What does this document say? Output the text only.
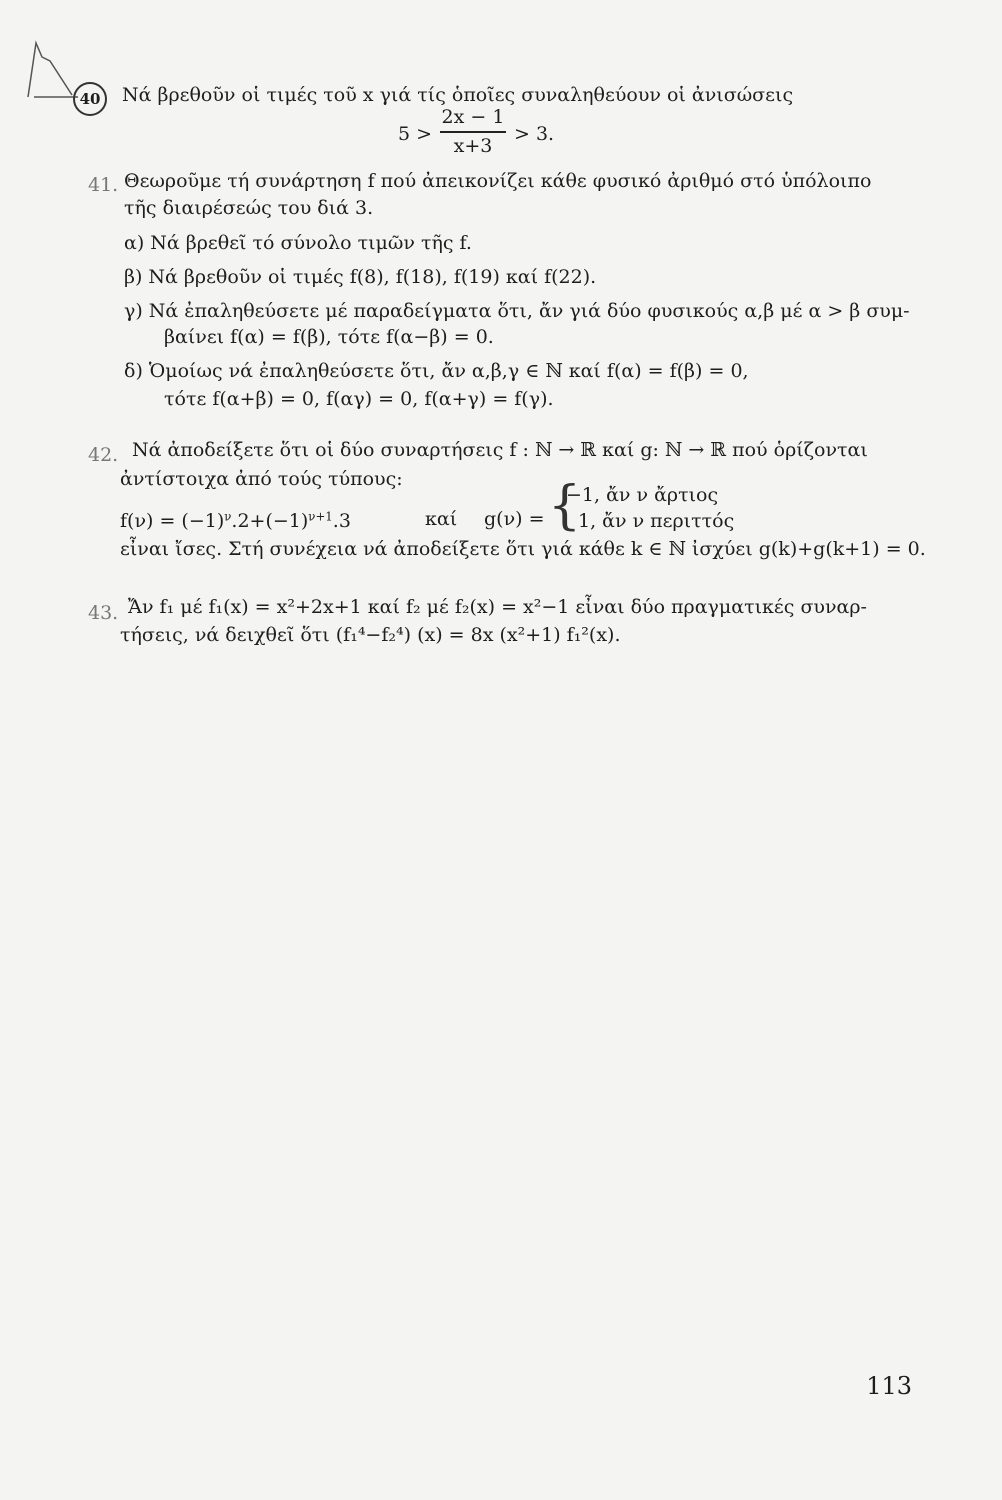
40	Νά βρεθοῦν οἱ τιμές τοῦ x γιά τίς ὁποῖες συναληθεύουν οἱ ἀνισώσεις
5 >
2x − 1
x+3
> 3.
41. Θεωροῦμε τή συνάρτηση f πού ἀπεικονίζει κάθε φυσικό ἀριθμό στό ὑπόλοιπο
τῆς διαιρέσεώς του διά 3.
α) Νά βρεθεῖ τό σύνολο τιμῶν τῆς f.
β) Νά βρεθοῦν οἱ τιμές f(8), f(18), f(19) καί f(22).
γ) Νά ἐπαληθεύσετε μέ παραδείγματα ὅτι, ἄν γιά δύο φυσικούς α,β μέ α > β συμ-
βαίνει f(α) = f(β), τότε f(α−β) = 0.
δ) Ὁμοίως νά ἐπαληθεύσετε ὅτι, ἄν α,β,γ ∈ ℕ καί f(α) = f(β) = 0,
τότε f(α+β) = 0, f(αγ) = 0, f(α+γ) = f(γ).
42. Νά ἀποδείξετε ὅτι οἱ δύο συναρτήσεις f : ℕ → ℝ καί g: ℕ → ℝ πού ὁρίζονται
ἀντίστοιχα ἀπό τούς τύπους:
$f(\nu) = (-1)^\nu.2+(-1)^{\nu+1}.3$	καί g(ν) = {
−1, ἄν ν ἄρτιος
1, ἄν ν περιττός
εἶναι ἴσες. Στή συνέχεια νά ἀποδείξετε ὅτι γιά κάθε k ∈ ℕ ἰσχύει g(k)+g(k+1) = 0.
43. Ἄν f₁ μέ f₁(x) = x²+2x+1 καί f₂ μέ f₂(x) = x²−1 εἶναι δύο πραγματικές συναρ-
τήσεις, νά δειχθεῖ ὅτι (f₁⁴−f₂⁴) (x) = 8x (x²+1) f₁²(x).
113
